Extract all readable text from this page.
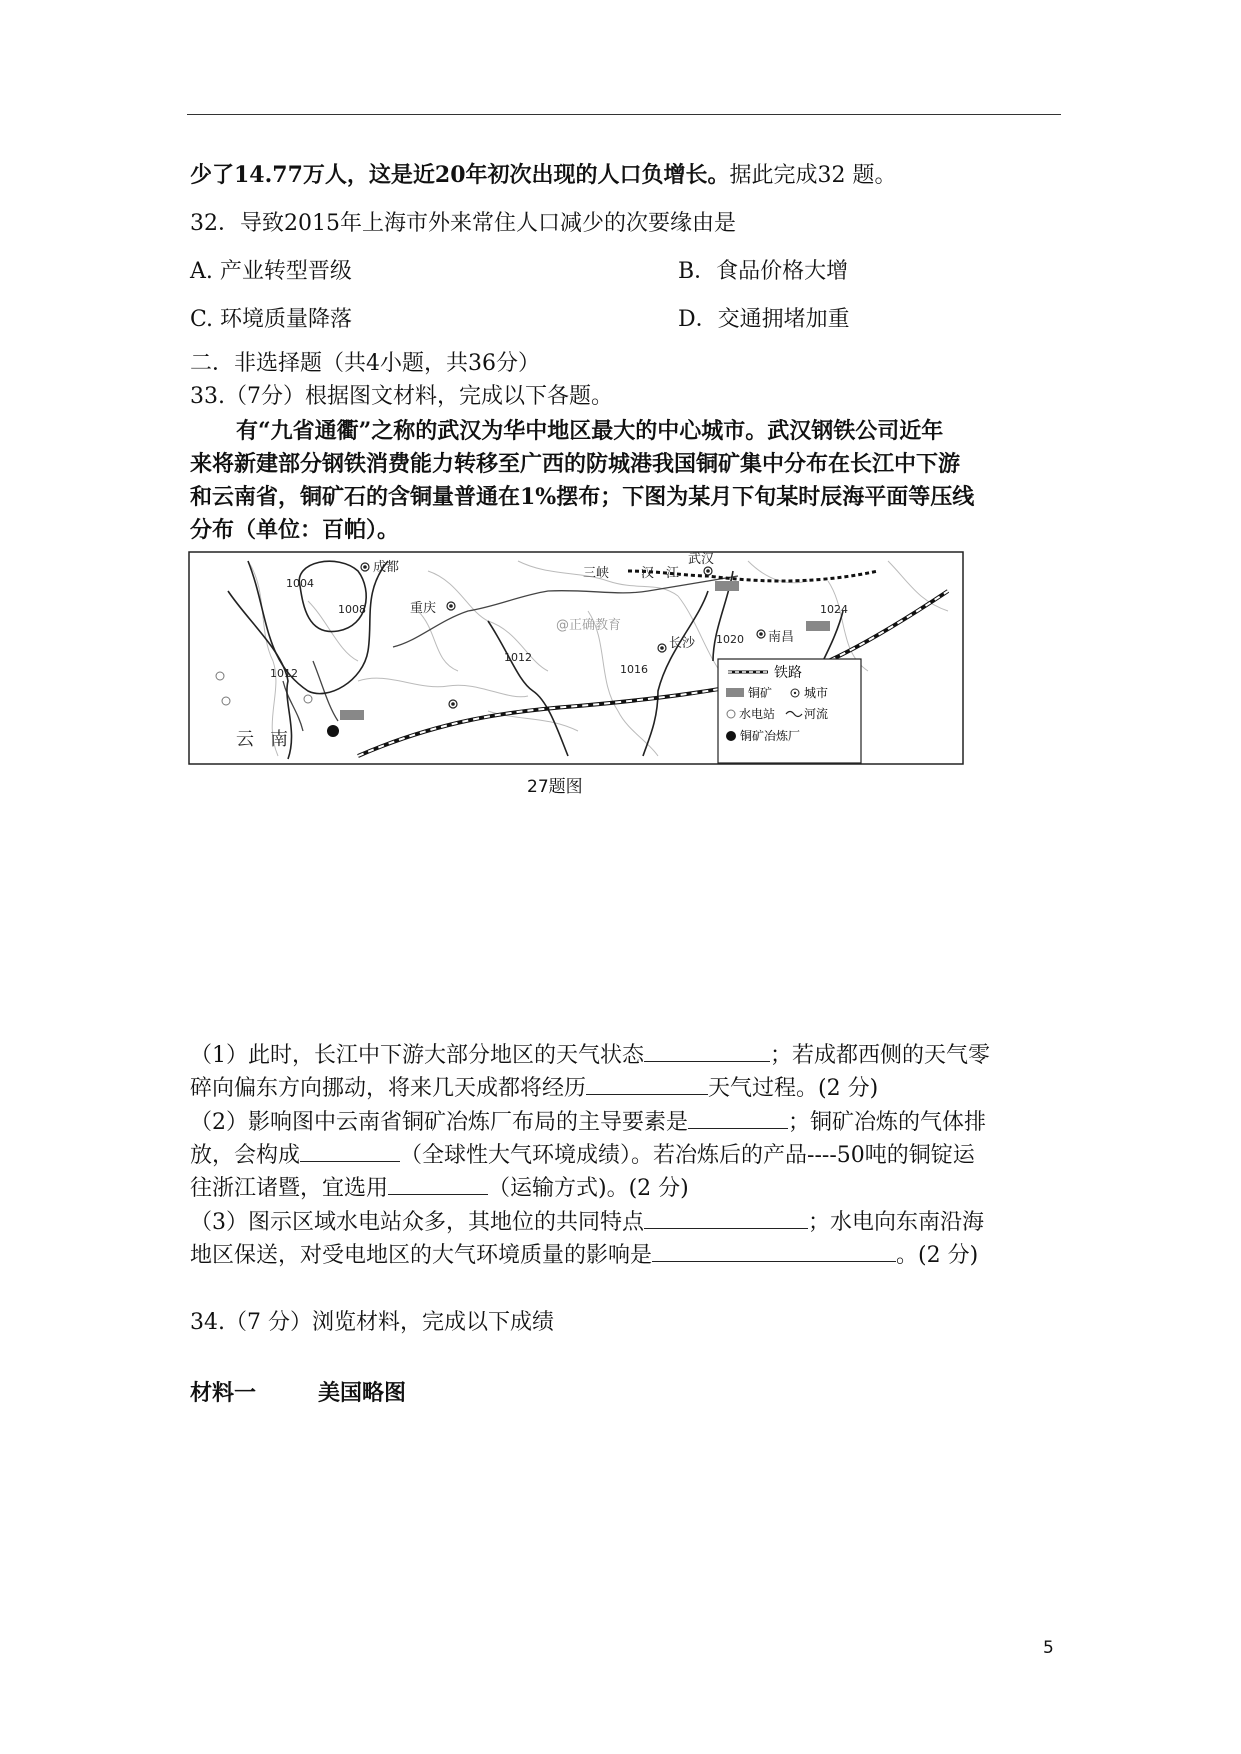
少了14.77万人，这是近20年初次出现的人口负增长。据此完成32 题。
32．导致2015年上海市外来常住人口减少的次要缘由是
A. 产业转型晋级	B．食品价格大增
C. 环境质量降落	D．交通拥堵加重
二．非选择题（共4小题，共36分）
33.（7分）根据图文材料，完成以下各题。
有“九省通衢”之称的武汉为华中地区最大的中心城市。武汉钢铁公司近年
来将新建部分钢铁消费能力转移至广西的防城港我国铜矿集中分布在长江中下游
和云南省，铜矿石的含铜量普通在1%摆布；下图为某月下旬某时辰海平面等压线
分布（单位：百帕）。
成都
重庆
武汉
长沙	南昌
三峡 汉 江
@正确教育
云 南
1004
1008
1012
1012
1016
1020
1024
铁路
铜矿	城市
水电站 河流
铜矿冶炼厂
27题图
（1）此时，长江中下游大部分地区的天气状态	；若成都西侧的天气零
碎向偏东方向挪动，将来几天成都将经历	天气过程。(2 分)
（2）影响图中云南省铜矿冶炼厂布局的主导要素是	；铜矿冶炼的气体排
放，会构成	（全球性大气环境成绩）。若冶炼后的产品----50吨的铜锭运
往浙江诸暨，宜选用	（运输方式)。(2 分)
（3）图示区域水电站众多，其地位的共同特点	；水电向东南沿海
地区保送，对受电地区的大气环境质量的影响是	。(2 分)
34.（7 分）浏览材料，完成以下成绩
材料一	美国略图
5
